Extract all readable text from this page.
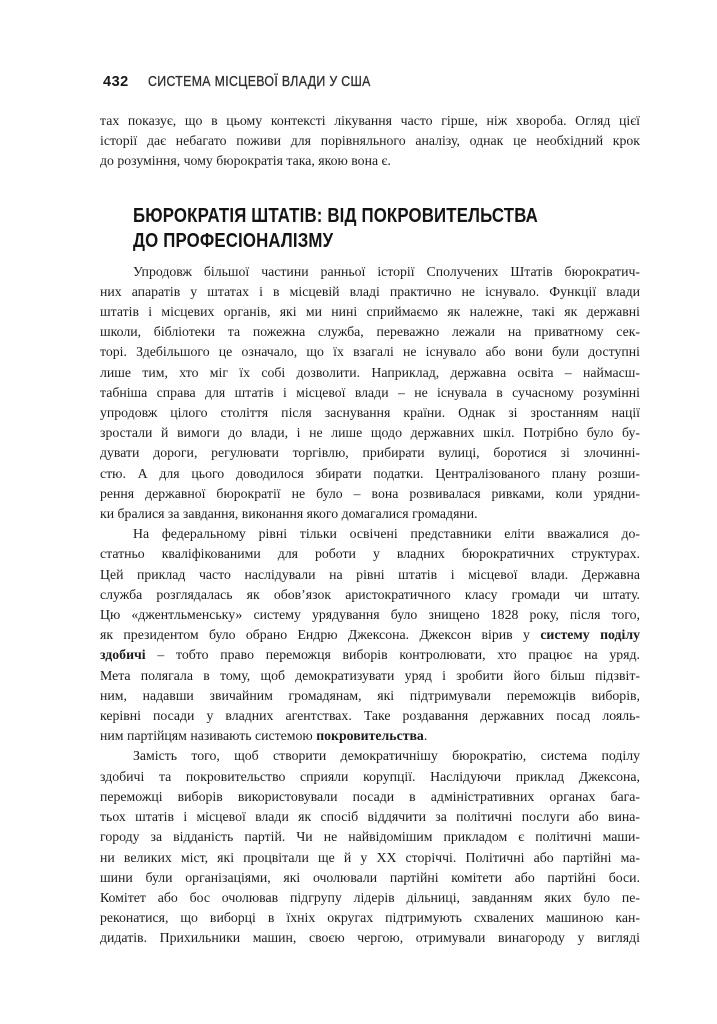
432 СИСТЕМА МІСЦЕВОЇ ВЛАДИ У США
тах показує, що в цьому контексті лікування часто гірше, ніж хвороба. Огляд цієї
історії дає небагато поживи для порівняльного аналізу, однак це необхідний крок
до розуміння, чому бюрократія така, якою вона є.
БЮРОКРАТІЯ ШТАТІВ: ВІД ПОКРОВИТЕЛЬСТВА
ДО ПРОФЕСІОНАЛІЗМУ
Упродовж більшої частини ранньої історії Сполучених Штатів бюрократич-
них апаратів у штатах і в місцевій владі практично не існувало. Функції влади
штатів і місцевих органів, які ми нині сприймаємо як належне, такі як державні
школи, бібліотеки та пожежна служба, переважно лежали на приватному сек-
торі. Здебільшого це означало, що їх взагалі не існувало або вони були доступні
лише тим, хто міг їх собі дозволити. Наприклад, державна освіта – наймасш-
табніша справа для штатів і місцевої влади – не існувала в сучасному розумінні
упродовж цілого століття після заснування країни. Однак зі зростанням нації
зростали й вимоги до влади, і не лише щодо державних шкіл. Потрібно було бу-
дувати дороги, регулювати торгівлю, прибирати вулиці, боротися зі злочинні-
стю. А для цього доводилося збирати податки. Централізованого плану розши-
рення державної бюрократії не було – вона розвивалася ривками, коли урядни-
ки бралися за завдання, виконання якого домагалися громадяни.
На федеральному рівні тільки освічені представники еліти вважалися до-
статньо кваліфікованими для роботи у владних бюрократичних структурах.
Цей приклад часто наслідували на рівні штатів і місцевої влади. Державна
служба розглядалась як обов’язок аристократичного класу громади чи штату.
Цю «джентльменську» систему урядування було знищено 1828 року, після того,
як президентом було обрано Ендрю Джексона. Джексон вірив у систему поділу
здобичі – тобто право переможця виборів контролювати, хто працює на уряд.
Мета полягала в тому, щоб демократизувати уряд і зробити його більш підзвіт-
ним, надавши звичайним громадянам, які підтримували переможців виборів,
керівні посади у владних агентствах. Таке роздавання державних посад лояль-
ним партійцям називають системою покровительства.
Замість того, щоб створити демократичнішу бюрократію, система поділу
здобичі та покровительство сприяли корупції. Наслідуючи приклад Джексона,
переможці виборів використовували посади в адміністративних органах бага-
тьох штатів і місцевої влади як спосіб віддячити за політичні послуги або вина-
городу за відданість партій. Чи не найвідомішим прикладом є політичні маши-
ни великих міст, які процвітали ще й у ХХ сторіччі. Політичні або партійні ма-
шини були організаціями, які очолювали партійні комітети або партійні боси.
Комітет або бос очолював підгрупу лідерів дільниці, завданням яких було пе-
реконатися, що виборці в їхніх округах підтримують схвалених машиною кан-
дидатів. Прихильники машин, своєю чергою, отримували винагороду у вигляді
